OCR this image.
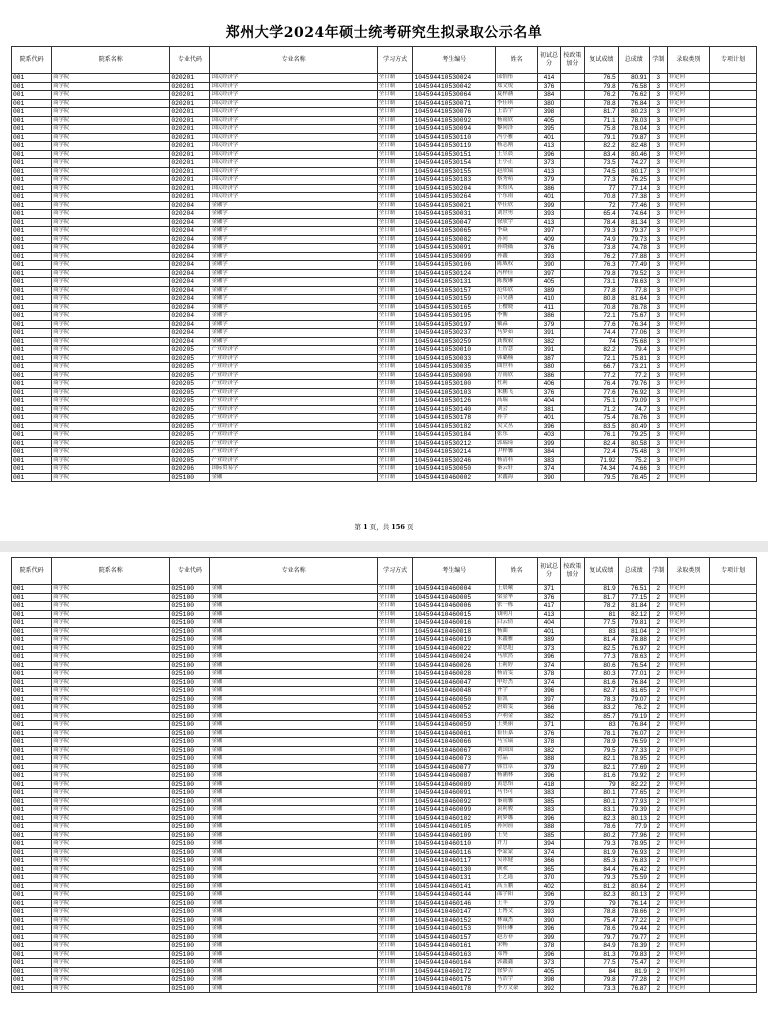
郑州大学2024年硕士统考研究生拟录取公示名单
院系代码	院系名称	专业代码	专业名称	学习方式	考生编号	姓名	初试总分	按政策加分	复试成绩	总成绩	学制	录取类别	专项计划
001	商学院	020201	国民经济学	全日制	104594410530024	邱怡彤	414		76.5	80.91	3	非定向	
001	商学院	020201	国民经济学	全日制	104594410530042	郑文锐	376		79.8	76.58	3	非定向	
001	商学院	020201	国民经济学	全日制	104594410530064	夏梓涵	384		76.2	76.62	3	非定向	
001	商学院	020201	国民经济学	全日制	104594410530071	李佳琪	380		78.8	76.84	3	非定向	
001	商学院	020201	国民经济学	全日制	104594410530076	王浩宇	398		81.7	80.23	3	非定向	
001	商学院	020201	国民经济学	全日制	104594410530092	杨雨欣	405		71.1	78.03	3	非定向	
001	商学院	020201	国民经济学	全日制	104594410530094	黎同泽	395		75.8	78.04	3	非定向	
001	商学院	020201	国民经济学	全日制	104594410530110	冯小雅	401		79.1	79.87	3	非定向	
001	商学院	020201	国民经济学	全日制	104594410530119	杨志刚	413		82.2	82.48	3	非定向	
001	商学院	020201	国民经济学	全日制	104594410530151	王昱晨	396		83.4	80.46	3	非定向	
001	商学院	020201	国民经济学	全日制	104594410530154	王小正	373		73.5	74.27	3	非定向	
001	商学院	020201	国民经济学	全日制	104594410530155	赵欣瑞	413		74.5	80.17	3	非定向	
001	商学院	020201	国民经济学	全日制	104594410530183	蔡秀萌	379		77.3	76.25	3	非定向	
001	商学院	020201	国民经济学	全日制	104594410530204	朱煜凤	386		77	77.14	3	非定向	
001	商学院	020201	国民经济学	全日制	104594410530264	个东雨	401		70.8	77.38	3	非定向	
001	商学院	020204	金融学	全日制	104594410530021	毕佳欣	399		72	77.46	3	非定向	
001	商学院	020204	金融学	全日制	104594410530031	刘世勇	393		65.4	74.64	3	非定向	
001	商学院	020204	金融学	全日制	104594410530047	徐欣宇	413		78.4	81.34	3	非定向	
001	商学院	020204	金融学	全日制	104594410530065	李焱	397		79.3	79.37	3	非定向	
001	商学院	020204	金融学	全日制	104594410530082	苏同	409		74.9	79.73	3	非定向	
001	商学院	020204	金融学	全日制	104594410530091	孙晓薇	376		73.8	74.78	3	非定向	
001	商学院	020204	金融学	全日制	104594410530099	孙鑫	393		76.2	77.88	3	非定向	
001	商学院	020204	金融学	全日制	104594410530106	陈威权	390		76.3	77.49	3	非定向	
001	商学院	020204	金融学	全日制	104594410530124	冯梓佳	397		79.8	79.52	3	非定向	
001	商学院	020204	金融学	全日制	104594410530131	陈俊琳	405		73.1	78.63	3	非定向	
001	商学院	020204	金融学	全日制	104594410530157	范炜欣	389		77.8	77.8	3	非定向	
001	商学院	020204	金融学	全日制	104594410530159	吕昊涵	410		80.8	81.64	3	非定向	
001	商学院	020204	金融学	全日制	104594410530165	王樱晓	411		70.8	78.78	3	非定向	
001	商学院	020204	金融学	全日制	104594410530195	李衡	386		72.1	75.67	3	非定向	
001	商学院	020204	金融学	全日制	104594410530197	戴淼	379		77.6	76.34	3	非定向	
001	商学院	020204	金融学	全日制	104594410530237	马梦茹	391		74.4	77.06	3	非定向	
001	商学院	020204	金融学	全日制	104594410530259	龚俊毅	382		74	75.68	3	非定向	
001	商学院	020205	产业经济学	全日制	104594410530010	王智慧	391		82.2	79.4	3	非定向	
001	商学院	020205	产业经济学	全日制	104594410530033	韩璐楠	387		72.1	75.81	3	非定向	
001	商学院	020205	产业经济学	全日制	104594410530035	曲世科	380		66.7	73.21	3	非定向	
001	商学院	020205	产业经济学	全日制	104594410530090	方雨欣	386		77.2	77.2	3	非定向	
001	商学院	020205	产业经济学	全日制	104594410530100	杜莉	406		76.4	79.76	3	非定向	
001	商学院	020205	产业经济学	全日制	104594410530103	朱鹏飞	376		77.6	76.92	3	非定向	
001	商学院	020205	产业经济学	全日制	104594410530126	高瑞	404		75.1	79.09	3	非定向	
001	商学院	020205	产业经济学	全日制	104594410530140	刘会	381		71.2	74.7	3	非定向	
001	商学院	020205	产业经济学	全日制	104594410530178	孙宇	401		75.4	78.76	3	非定向	
001	商学院	020205	产业经济学	全日制	104594410530182	吴文丛	396		83.5	80.49	3	非定向	
001	商学院	020205	产业经济学	全日制	104594410530184	张东	403		76.1	79.25	3	非定向	
001	商学院	020205	产业经济学	全日制	104594410530212	郭瑞琦	399		82.4	80.58	3	非定向	
001	商学院	020205	产业经济学	全日制	104594410530214	尹梓馨	384		72.4	75.48	3	非定向	
001	商学院	020205	产业经济学	全日制	104594410530246	杨清科	383		71.92	75.2	3	非定向	
001	商学院	020206	国际贸易学	全日制	104594410530050	秦云轩	374		74.34	74.66	3	非定向	
001	商学院	025100	金融	全日制	104594410460002	宋鑫海	390		79.5	78.45	2	非定向	
第 1 页，共 156 页
院系代码	院系名称	专业代码	专业名称	学习方式	考生编号	姓名	初试总分	按政策加分	复试成绩	总成绩	学制	录取类别	专项计划
001	商学院	025100	金融	全日制	104594410460004	王晨曦	371		81.9	76.51	2	非定向	
001	商学院	025100	金融	全日制	104594410460005	梁金华	376		81.7	77.15	2	非定向	
001	商学院	025100	金融	全日制	104594410460006	张一栋	417		78.2	81.84	2	非定向	
001	商学院	025100	金融	全日制	104594410460015	钱明月	413		81	82.12	2	非定向	
001	商学院	025100	金融	全日制	104594410460016	白云倩	404		77.5	79.81	2	非定向	
001	商学院	025100	金融	全日制	104594410460018	杨曲	401		83	81.04	2	非定向	
001	商学院	025100	金融	全日制	104594410460019	朱鑫雅	389		81.4	78.88	2	非定向	
001	商学院	025100	金融	全日制	104594410460022	金思旭	373		82.5	76.97	2	非定向	
001	商学院	025100	金融	全日制	104594410460024	马欣然	396		77.3	78.63	2	非定向	
001	商学院	025100	金融	全日制	104594410460026	王莉婷	374		80.6	76.54	2	非定向	
001	商学院	025100	金融	全日制	104594410460028	杨清雯	378		80.3	77.01	2	非定向	
001	商学院	025100	金融	全日制	104594410460047	申好杰	374		81.6	76.84	2	非定向	
001	商学院	025100	金融	全日制	104594410460048	齐宇	396		82.7	81.65	2	非定向	
001	商学院	025100	金融	全日制	104594410460050	崔凯	397		78.3	79.07	2	非定向	
001	商学院	025100	金融	全日制	104594410460052	唐婧雯	366		83.2	76.2	2	非定向	
001	商学院	025100	金融	全日制	104594410460053	卢利金	382		85.7	79.19	2	非定向	
001	商学院	025100	金融	全日制	104594410460059	王奥丽	371		83	76.84	2	非定向	
001	商学院	025100	金融	全日制	104594410460061	崔佳嘉	376		78.1	76.07	2	非定向	
001	商学院	025100	金融	全日制	104594410460066	马宝瑞	378		78.9	76.59	2	非定向	
001	商学院	025100	金融	全日制	104594410460067	刘国国	382		79.5	77.33	2	非定向	
001	商学院	025100	金融	全日制	104594410460073	付晶	388		82.1	78.95	2	非定向	
001	商学院	025100	金融	全日制	104594410460077	韩宜卓	379		82.1	77.69	2	非定向	
001	商学院	025100	金融	全日制	104594410460087	杨涵林	396		81.6	79.92	2	非定向	
001	商学院	025100	金融	全日制	104594410460089	黄思怡	418		79	82.22	2	非定向	
001	商学院	025100	金融	全日制	104594410460091	马书可	383		80.1	77.65	2	非定向	
001	商学院	025100	金融	全日制	104594410460092	秦雨馨	385		80.1	77.93	2	非定向	
001	商学院	025100	金融	全日制	104594410460099	袁莉骏	383		83.1	79.39	2	非定向	
001	商学院	025100	金融	全日制	104594410460102	莉梦娜	396		82.3	80.13	2	非定向	
001	商学院	025100	金融	全日制	104594410460105	孙向前	388		78.6	77.9	2	非定向	
001	商学院	025100	金融	全日制	104594410460109	王昊	385		80.2	77.96	2	非定向	
001	商学院	025100	金融	全日制	104594410460110	许力	394		79.3	78.95	2	非定向	
001	商学院	025100	金融	全日制	104594410460116	李蒙蒙	374		81.9	76.93	2	非定向	
001	商学院	025100	金融	全日制	104594410460117	吴冰健	366		85.3	76.83	2	非定向	
001	商学院	025100	金融	全日制	104594410460130	顾欢	365		84.4	76.42	2	非定向	
001	商学院	025100	金融	全日制	104594410460131	王艺遥	370		79.3	75.59	2	非定向	
001	商学院	025100	金融	全日制	104594410460141	高玉鹏	402		81.2	80.64	2	非定向	
001	商学院	025100	金融	全日制	104594410460144	邵宇阳	396		82.3	80.13	2	非定向	
001	商学院	025100	金融	全日制	104594410460146	王丰	379		79	76.14	2	非定向	
001	商学院	025100	金融	全日制	104594410460147	王博文	393		78.8	78.66	2	非定向	
001	商学院	025100	金融	全日制	104594410460152	林诚杰	390		75.4	77.22	2	非定向	
001	商学院	025100	金融	全日制	104594410460153	骆佳琳	396		78.6	79.44	2	非定向	
001	商学院	025100	金融	全日制	104594410460157	赵芳菲	399		79.7	79.77	2	非定向	
001	商学院	025100	金融	全日制	104594410460161	宋畅	378		84.9	78.39	2	非定向	
001	商学院	025100	金融	全日制	104594410460163	邓博	396		81.3	79.83	2	非定向	
001	商学院	025100	金融	全日制	104594410460164	郭鑫鑫	373		77.5	75.47	2	非定向	
001	商学院	025100	金融	全日制	104594410460172	徐梦吉	405		84	81.9	2	非定向	
001	商学院	025100	金融	全日制	104594410460175	马浩宇	398		79.8	77.28	2	非定向	
001	商学院	025100	金融	全日制	104594410460178	李方文豪	392		73.3	76.87	2	非定向	
